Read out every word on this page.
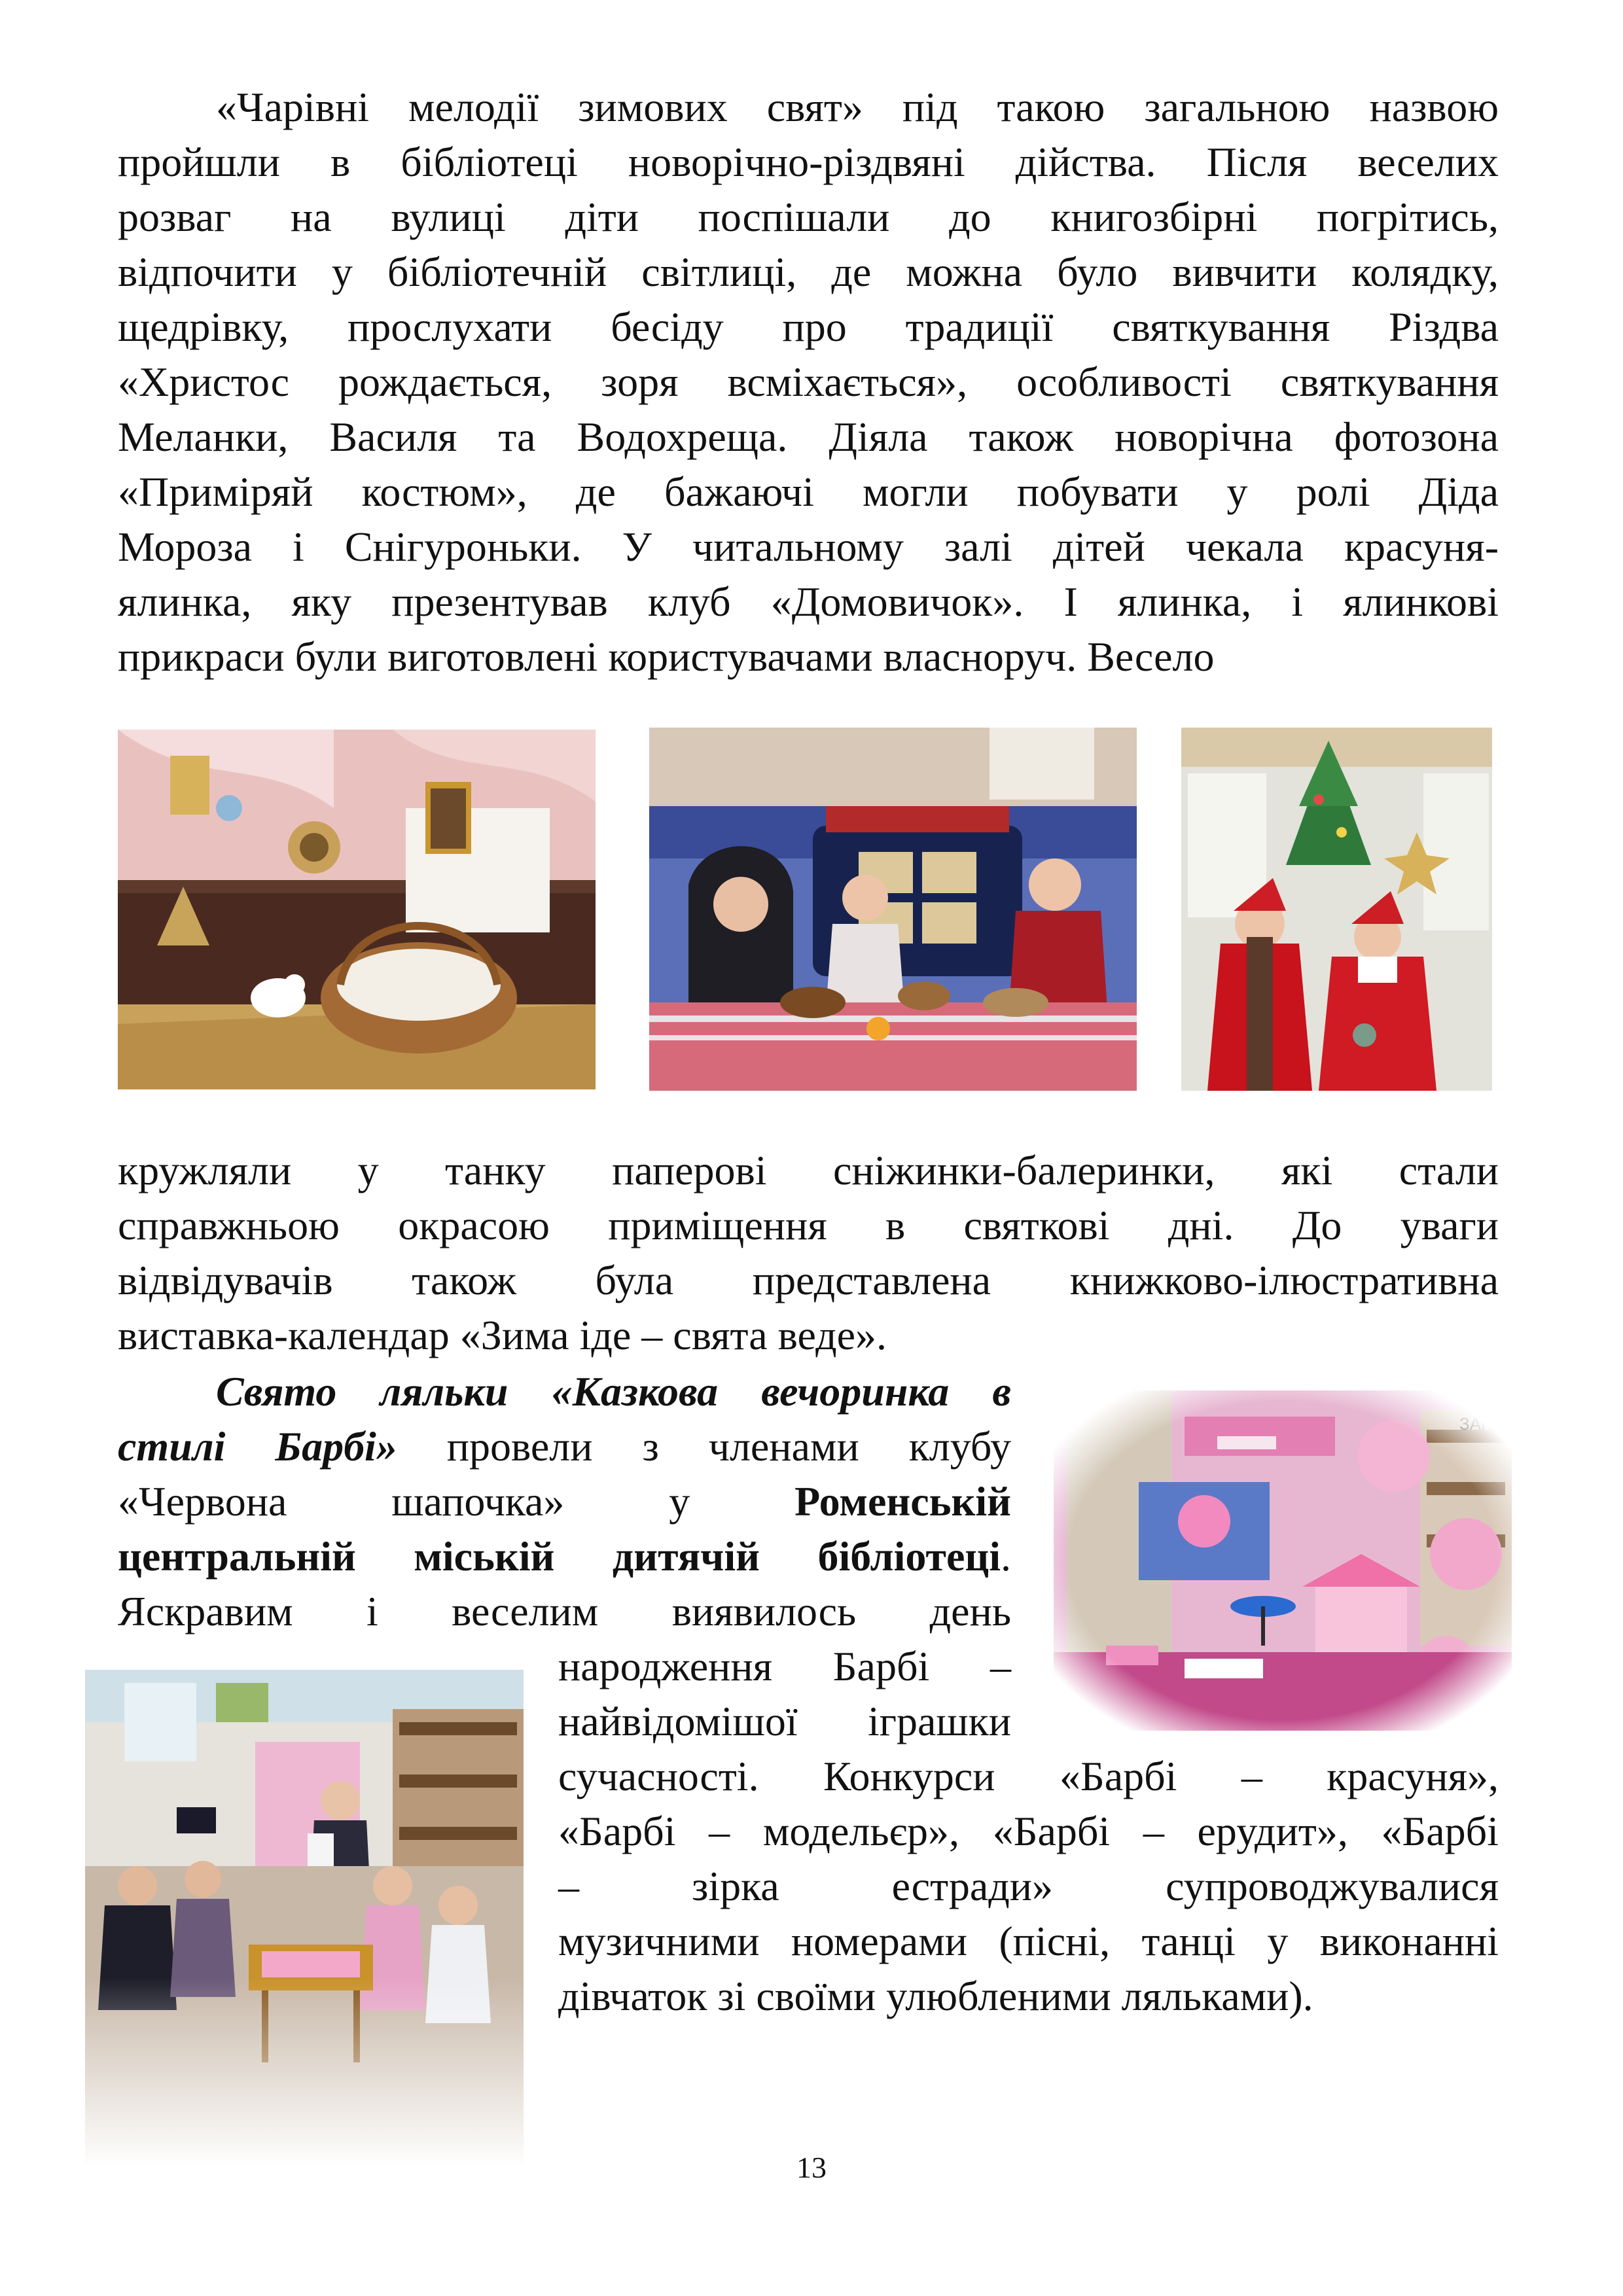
«Чарівні мелодії зимових свят» під такою загальною назвою
пройшли в бібліотеці новорічно-різдвяні дійства. Після веселих
розваг на вулиці діти поспішали до книгозбірні погрітись,
відпочити у бібліотечній світлиці, де можна було вивчити колядку,
щедрівку, прослухати бесіду про традиції святкування Різдва
«Христос рождається, зоря всміхається», особливості святкування
Меланки, Василя та Водохреща. Діяла також новорічна фотозона
«Приміряй костюм», де бажаючі могли побувати у ролі Діда
Мороза і Снігуроньки. У читальному залі дітей чекала красуня-
ялинка, яку презентував клуб «Домовичок». І ялинка, і ялинкові
прикраси були виготовлені користувачами власноруч. Весело
кружляли у танку паперові сніжинки-балеринки, які стали
справжньою окрасою приміщення в святкові дні. До уваги
відвідувачів також була представлена книжково-ілюстративна
виставка-календар «Зима іде – свята веде».
Свято ляльки «Казкова вечоринка в
стилі Барбі» провели з членами клубу
«Червона шапочка» у Роменській
центральній міській дитячій бібліотеці.
Яскравим і веселим виявилось день
народження Барбі –
найвідомішої іграшки
сучасності. Конкурси «Барбі – красуня»,
«Барбі – модельєр», «Барбі – ерудит», «Барбі
– зірка естради» супроводжувалися
музичними номерами (пісні, танці у виконанні
дівчаток зі своїми улюбленими ляльками).
13
